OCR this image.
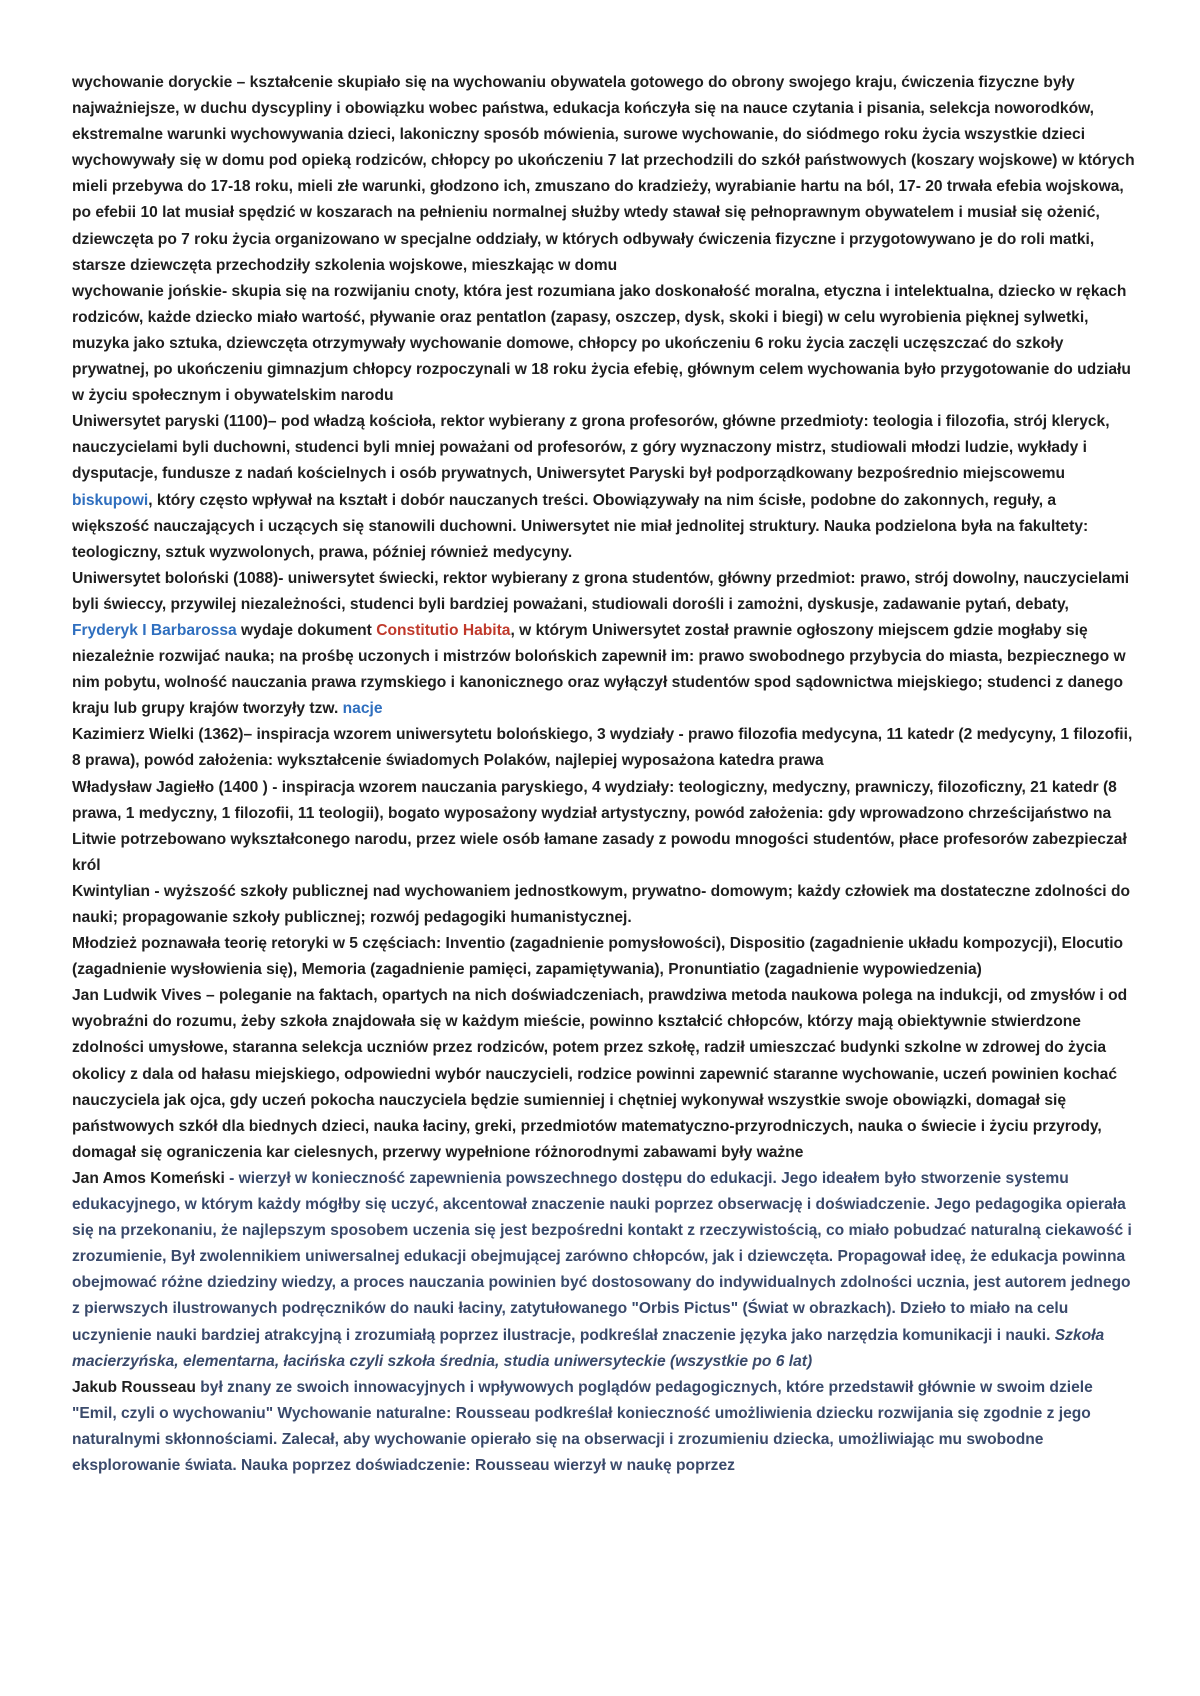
wychowanie doryckie – kształcenie skupiało się na wychowaniu obywatela gotowego do obrony swojego kraju, ćwiczenia fizyczne były najważniejsze, w duchu dyscypliny i obowiązku wobec państwa, edukacja kończyła się na nauce czytania i pisania, selekcja noworodków, ekstremalne warunki wychowywania dzieci, lakoniczny sposób mówienia, surowe wychowanie, do siódmego roku życia wszystkie dzieci wychowywały się w domu pod opieką rodziców, chłopcy po ukończeniu 7 lat przechodzili do szkół państwowych (koszary wojskowe) w których mieli przebywa do 17-18 roku, mieli złe warunki, głodzono ich, zmuszano do kradzieży, wyrabianie hartu na ból, 17- 20 trwała efebia wojskowa, po efebii 10 lat musiał spędzić w koszarach na pełnieniu normalnej służby wtedy stawał się pełnoprawnym obywatelem i musiał się ożenić, dziewczęta po 7 roku życia organizowano w specjalne oddziały, w których odbywały ćwiczenia fizyczne i przygotowywano je do roli matki, starsze dziewczęta przechodziły szkolenia wojskowe, mieszkając w domu

wychowanie jońskie- skupia się na rozwijaniu cnoty, która jest rozumiana jako doskonałość moralna, etyczna i intelektualna, dziecko w rękach rodziców, każde dziecko miało wartość, pływanie oraz pentatlon (zapasy, oszczep, dysk, skoki i biegi) w celu wyrobienia pięknej sylwetki, muzyka jako sztuka, dziewczęta otrzymywały wychowanie domowe, chłopcy po ukończeniu 6 roku życia zaczęli uczęszczać do szkoły prywatnej, po ukończeniu gimnazjum chłopcy rozpoczynali w 18 roku życia efebię, głównym celem wychowania było przygotowanie do udziału w życiu społecznym i obywatelskim narodu

Uniwersytet paryski (1100)– pod władzą kościoła, rektor wybierany z grona profesorów, główne przedmioty: teologia i filozofia, strój kleryck, nauczycielami byli duchowni, studenci byli mniej poważani od profesorów, z góry wyznaczony mistrz, studiowali młodzi ludzie, wykłady i dysputacje, fundusze z nadań kościelnych i osób prywatnych, Uniwersytet Paryski był podporządkowany bezpośrednio miejscowemu biskupowi, który często wpływał na kształt i dobór nauczanych treści. Obowiązywały na nim ścisłe, podobne do zakonnych, reguły, a większość nauczających i uczących się stanowili duchowni. Uniwersytet nie miał jednolitej struktury. Nauka podzielona była na fakultety: teologiczny, sztuk wyzwolonych, prawa, później również medycyny.

Uniwersytet boloński (1088)- uniwersytet świecki, rektor wybierany z grona studentów, główny przedmiot: prawo, strój dowolny, nauczycielami byli świeccy, przywilej niezależności, studenci byli bardziej poważani, studiowali dorośli i zamożni, dyskusje, zadawanie pytań, debaty, Fryderyk I Barbarossa wydaje dokument Constitutio Habita, w którym Uniwersytet został prawnie ogłoszony miejscem gdzie mogłaby się niezależnie rozwijać nauka; na prośbę uczonych i mistrzów bolońskich zapewnił im: prawo swobodnego przybycia do miasta, bezpiecznego w nim pobytu, wolność nauczania prawa rzymskiego i kanonicznego oraz wyłączył studentów spod sądownictwa miejskiego; studenci z danego kraju lub grupy krajów tworzyły tzw. nacje

Kazimierz Wielki (1362)– inspiracja wzorem uniwersytetu bolońskiego, 3 wydziały - prawo filozofia medycyna, 11 katedr (2 medycyny, 1 filozofii, 8 prawa), powód założenia: wykształcenie świadomych Polaków, najlepiej wyposażona katedra prawa

Władysław Jagiełło (1400 ) - inspiracja wzorem nauczania paryskiego, 4 wydziały: teologiczny, medyczny, prawniczy, filozoficzny, 21 katedr (8 prawa, 1 medyczny, 1 filozofii, 11 teologii), bogato wyposażony wydział artystyczny, powód założenia: gdy wprowadzono chrześcijaństwo na Litwie potrzebowano wykształconego narodu, przez wiele osób łamane zasady z powodu mnogości studentów, płace profesorów zabezpieczał król

Kwintylian - wyższość szkoły publicznej nad wychowaniem jednostkowym, prywatno- domowym; każdy człowiek ma dostateczne zdolności do nauki; propagowanie szkoły publicznej; rozwój pedagogiki humanistycznej.

Młodzież poznawała teorię retoryki w 5 częściach: Inventio (zagadnienie pomysłowości), Dispositio (zagadnienie układu kompozycji), Elocutio (zagadnienie wysłowienia się), Memoria (zagadnienie pamięci, zapamiętywania), Pronuntiatio (zagadnienie wypowiedzenia)

Jan Ludwik Vives – poleganie na faktach, opartych na nich doświadczeniach, prawdziwa metoda naukowa polega na indukcji, od zmysłów i od wyobraźni do rozumu, żeby szkoła znajdowała się w każdym mieście, powinno kształcić chłopców, którzy mają obiektywnie stwierdzone zdolności umysłowe, staranna selekcja uczniów przez rodziców, potem przez szkołę, radził umieszczać budynki szkolne w zdrowej do życia okolicy z dala od hałasu miejskiego, odpowiedni wybór nauczycieli, rodzice powinni zapewnić staranne wychowanie, uczeń powinien kochać nauczyciela jak ojca, gdy uczeń pokocha nauczyciela będzie sumienniej i chętniej wykonywał wszystkie swoje obowiązki, domagał się państwowych szkół dla biednych dzieci, nauka łaciny, greki, przedmiotów matematyczno-przyrodniczych, nauka o świecie i życiu przyrody, domagał się ograniczenia kar cielesnych, przerwy wypełnione różnorodnymi zabawami były ważne

Jan Amos Komeński - wierzył w konieczność zapewnienia powszechnego dostępu do edukacji. Jego ideałem było stworzenie systemu edukacyjnego, w którym każdy mógłby się uczyć, akcentował znaczenie nauki poprzez obserwację i doświadczenie. Jego pedagogika opierała się na przekonaniu, że najlepszym sposobem uczenia się jest bezpośredni kontakt z rzeczywistością, co miało pobudzać naturalną ciekawość i zrozumienie, Był zwolennikiem uniwersalnej edukacji obejmującej zarówno chłopców, jak i dziewczęta. Propagował ideę, że edukacja powinna obejmować różne dziedziny wiedzy, a proces nauczania powinien być dostosowany do indywidualnych zdolności ucznia, jest autorem jednego z pierwszych ilustrowanych podręczników do nauki łaciny, zatytułowanego "Orbis Pictus" (Świat w obrazkach). Dzieło to miało na celu uczynienie nauki bardziej atrakcyjną i zrozumiałą poprzez ilustracje, podkreślał znaczenie języka jako narzędzia komunikacji i nauki. Szkoła macierzyńska, elementarna, łacińska czyli szkoła średnia, studia uniwersyteckie (wszystkie po 6 lat)

Jakub Rousseau był znany ze swoich innowacyjnych i wpływowych poglądów pedagogicznych, które przedstawił głównie w swoim dziele "Emil, czyli o wychowaniu" Wychowanie naturalne: Rousseau podkreślał konieczność umożliwienia dziecku rozwijania się zgodnie z jego naturalnymi skłonnościami. Zalecał, aby wychowanie opierało się na obserwacji i zrozumieniu dziecka, umożliwiając mu swobodne eksplorowanie świata. Nauka poprzez doświadczenie: Rousseau wierzył w naukę poprzez
